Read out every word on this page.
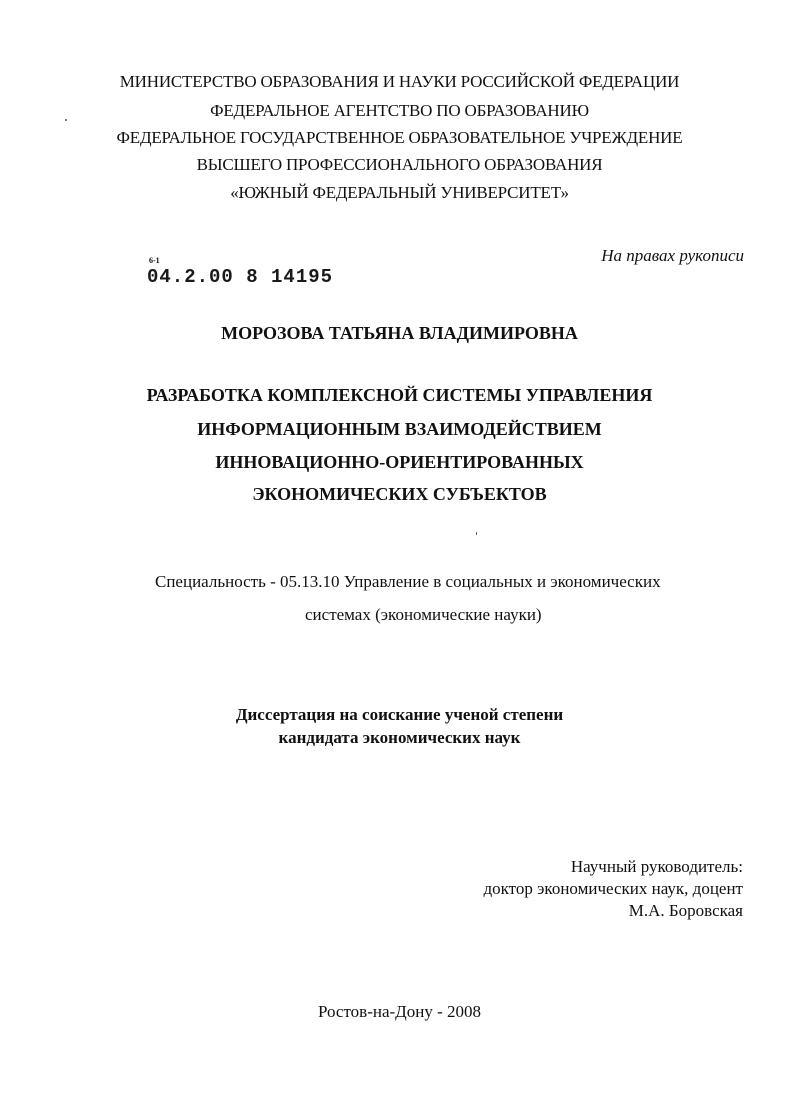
МИНИСТЕРСТВО ОБРАЗОВАНИЯ И НАУКИ РОССИЙСКОЙ ФЕДЕРАЦИИ
ФЕДЕРАЛЬНОЕ АГЕНТСТВО ПО ОБРАЗОВАНИЮ
ФЕДЕРАЛЬНОЕ ГОСУДАРСТВЕННОЕ ОБРАЗОВАТЕЛЬНОЕ УЧРЕЖДЕНИЕ
ВЫСШЕГО ПРОФЕССИОНАЛЬНОГО ОБРАЗОВАНИЯ
«ЮЖНЫЙ ФЕДЕРАЛЬНЫЙ УНИВЕРСИТЕТ»
На правах рукописи
6-1
04.2.00 8 14195
МОРОЗОВА ТАТЬЯНА ВЛАДИМИРОВНА
РАЗРАБОТКА КОМПЛЕКСНОЙ СИСТЕМЫ УПРАВЛЕНИЯ
ИНФОРМАЦИОННЫМ ВЗАИМОДЕЙСТВИЕМ
ИННОВАЦИОННО-ОРИЕНТИРОВАННЫХ
ЭКОНОМИЧЕСКИХ СУБЪЕКТОВ
Специальность - 05.13.10 Управление в социальных и экономических
системах (экономические науки)
Диссертация на соискание ученой степени
кандидата экономических наук
Научный руководитель:
доктор экономических наук, доцент
М.А. Боровская
Ростов-на-Дону - 2008
